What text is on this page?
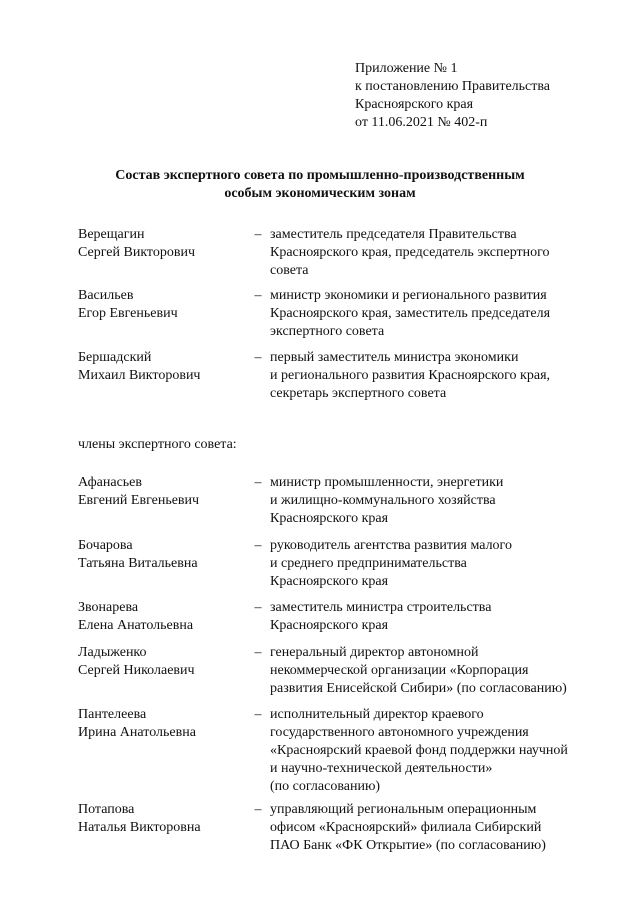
Приложение № 1
к постановлению Правительства
Красноярского края
от 11.06.2021 № 402-п
Состав экспертного совета по промышленно-производственным
особым экономическим зонам
Верещагин
Сергей Викторович
– заместитель председателя Правительства
Красноярского края, председатель экспертного
совета
Васильев
Егор Евгеньевич
– министр экономики и регионального развития
Красноярского края, заместитель председателя
экспертного совета
Бершадский
Михаил Викторович
– первый заместитель министра экономики
и регионального развития Красноярского края,
секретарь экспертного совета
члены экспертного совета:
Афанасьев
Евгений Евгеньевич
– министр промышленности, энергетики
и жилищно-коммунального хозяйства
Красноярского края
Бочарова
Татьяна Витальевна
– руководитель агентства развития малого
и среднего предпринимательства
Красноярского края
Звонарева
Елена Анатольевна
– заместитель министра строительства
Красноярского края
Ладыженко
Сергей Николаевич
– генеральный директор автономной
некоммерческой организации «Корпорация
развития Енисейской Сибири» (по согласованию)
Пантелеева
Ирина Анатольевна
– исполнительный директор краевого
государственного автономного учреждения
«Красноярский краевой фонд поддержки научной
и научно-технической деятельности»
(по согласованию)
Потапова
Наталья Викторовна
– управляющий региональным операционным
офисом «Красноярский» филиала Сибирский
ПАО Банк «ФК Открытие» (по согласованию)
